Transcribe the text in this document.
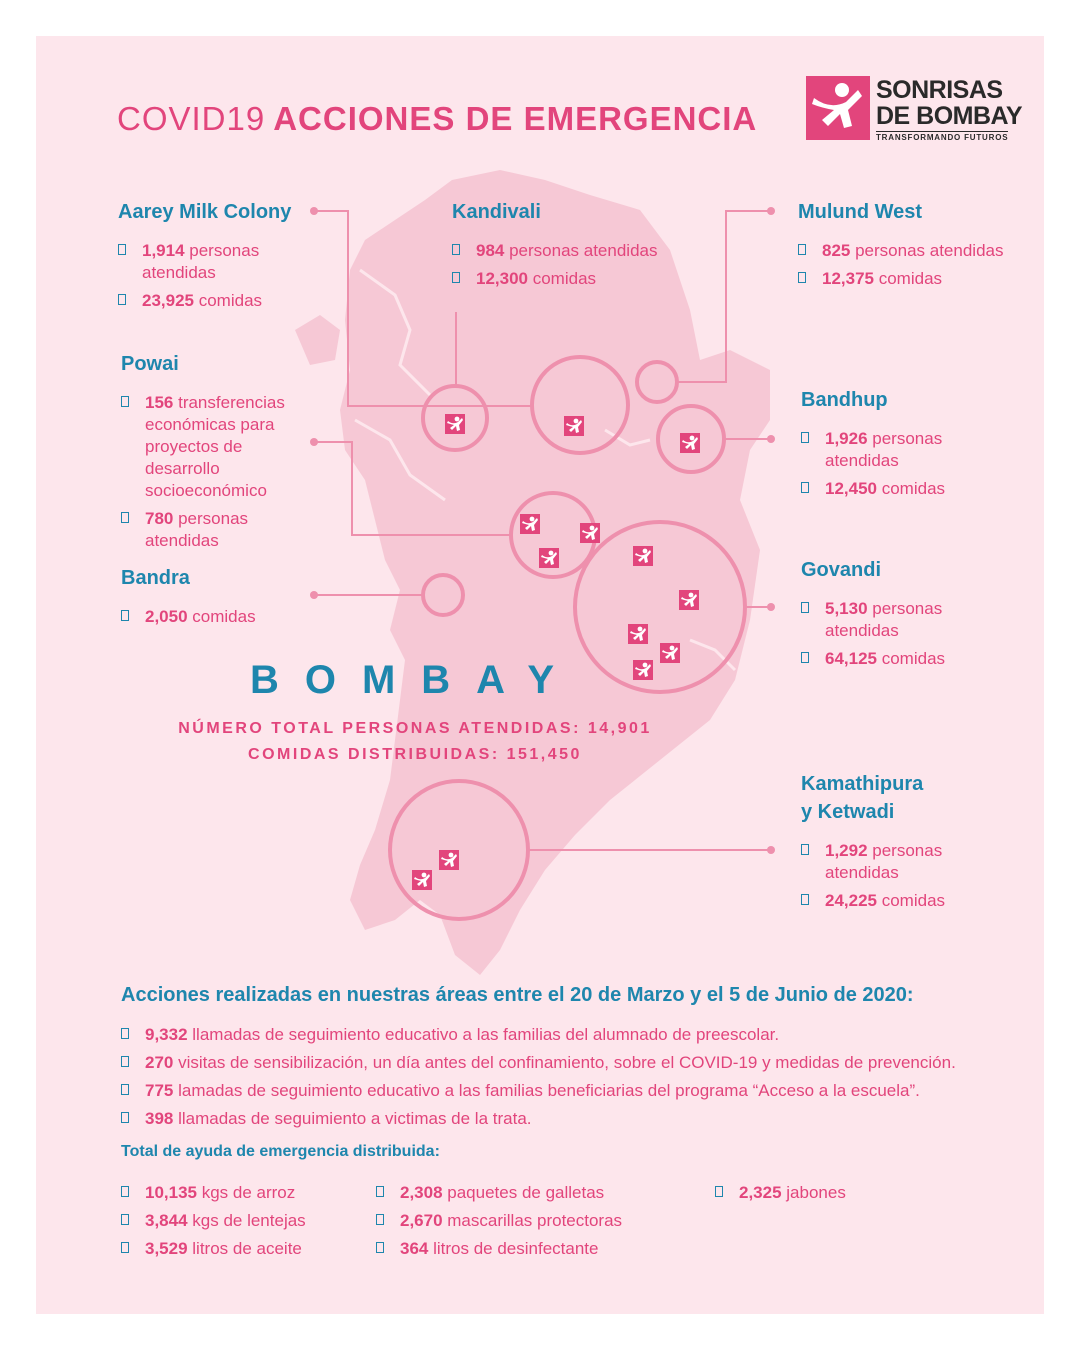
COVID19 ACCIONES DE EMERGENCIA
SONRISAS
DE BOMBAY
TRANSFORMANDO FUTUROS
Aarey Milk Colony
1,914 personas atendidas
23,925 comidas
Kandivali
984 personas atendidas
12,300 comidas
Mulund West
825 personas atendidas
12,375 comidas
Powai
156 transferencias económicas para proyectos de desarrollo socioeconómico
780 personas atendidas
Bandhup
1,926 personas atendidas
12,450 comidas
Bandra
2,050 comidas
Govandi
5,130 personas atendidas
64,125 comidas
Kamathipura
y Ketwadi
1,292 personas atendidas
24,225 comidas
BOMBAY
NÚMERO TOTAL PERSONAS ATENDIDAS: 14,901
COMIDAS DISTRIBUIDAS: 151,450
Acciones realizadas en nuestras áreas entre el 20 de Marzo y el 5 de Junio de 2020:
9,332 llamadas de seguimiento educativo a las familias del alumnado de preescolar.
270 visitas de sensibilización, un día antes del confinamiento, sobre el COVID-19 y medidas de prevención.
775 lamadas de seguimiento educativo a las familias beneficiarias del programa “Acceso a la escuela”.
398 llamadas de seguimiento a victimas de la trata.
Total de ayuda de emergencia distribuida:
10,135 kgs de arroz
3,844 kgs de lentejas
3,529 litros de aceite
2,308 paquetes de galletas
2,670 mascarillas protectoras
364 litros de desinfectante
2,325 jabones
